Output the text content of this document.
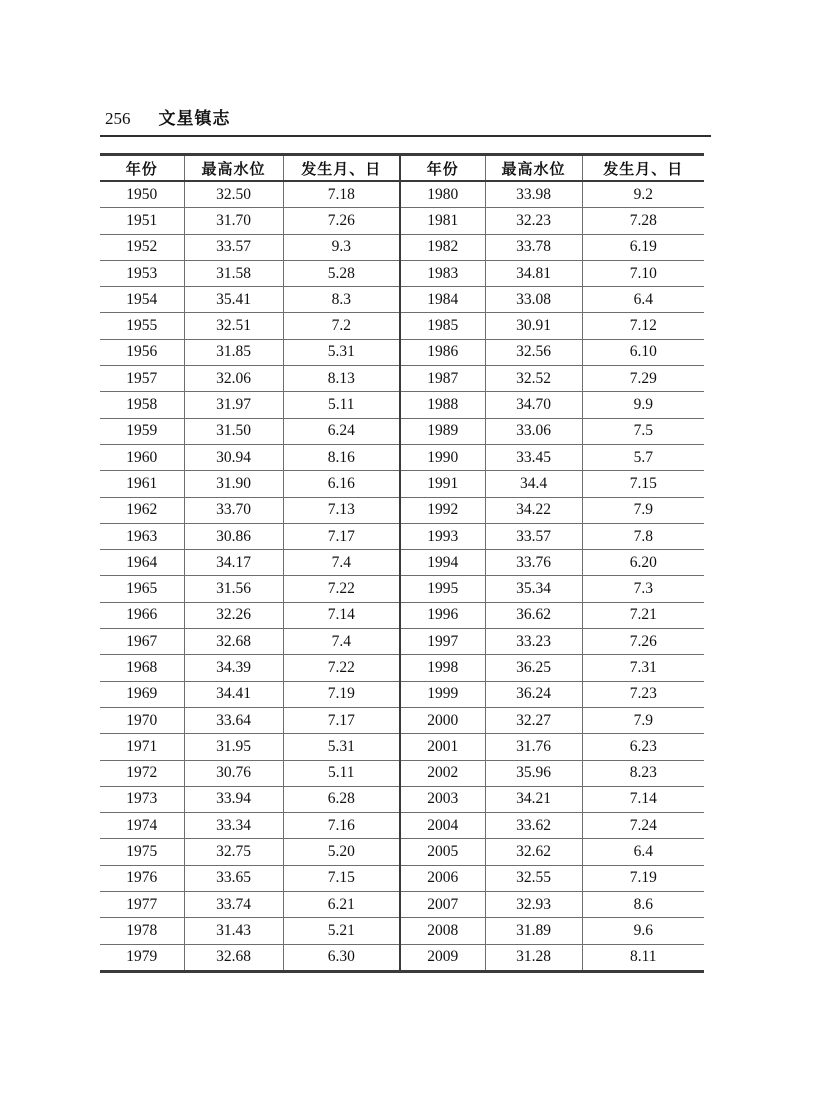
256 文星镇志
年份	最高水位	发生月、日	年份	最高水位	发生月、日
1950	32.50	7.18	1980	33.98	9.2
1951	31.70	7.26	1981	32.23	7.28
1952	33.57	9.3	1982	33.78	6.19
1953	31.58	5.28	1983	34.81	7.10
1954	35.41	8.3	1984	33.08	6.4
1955	32.51	7.2	1985	30.91	7.12
1956	31.85	5.31	1986	32.56	6.10
1957	32.06	8.13	1987	32.52	7.29
1958	31.97	5.11	1988	34.70	9.9
1959	31.50	6.24	1989	33.06	7.5
1960	30.94	8.16	1990	33.45	5.7
1961	31.90	6.16	1991	34.4	7.15
1962	33.70	7.13	1992	34.22	7.9
1963	30.86	7.17	1993	33.57	7.8
1964	34.17	7.4	1994	33.76	6.20
1965	31.56	7.22	1995	35.34	7.3
1966	32.26	7.14	1996	36.62	7.21
1967	32.68	7.4	1997	33.23	7.26
1968	34.39	7.22	1998	36.25	7.31
1969	34.41	7.19	1999	36.24	7.23
1970	33.64	7.17	2000	32.27	7.9
1971	31.95	5.31	2001	31.76	6.23
1972	30.76	5.11	2002	35.96	8.23
1973	33.94	6.28	2003	34.21	7.14
1974	33.34	7.16	2004	33.62	7.24
1975	32.75	5.20	2005	32.62	6.4
1976	33.65	7.15	2006	32.55	7.19
1977	33.74	6.21	2007	32.93	8.6
1978	31.43	5.21	2008	31.89	9.6
1979	32.68	6.30	2009	31.28	8.11
